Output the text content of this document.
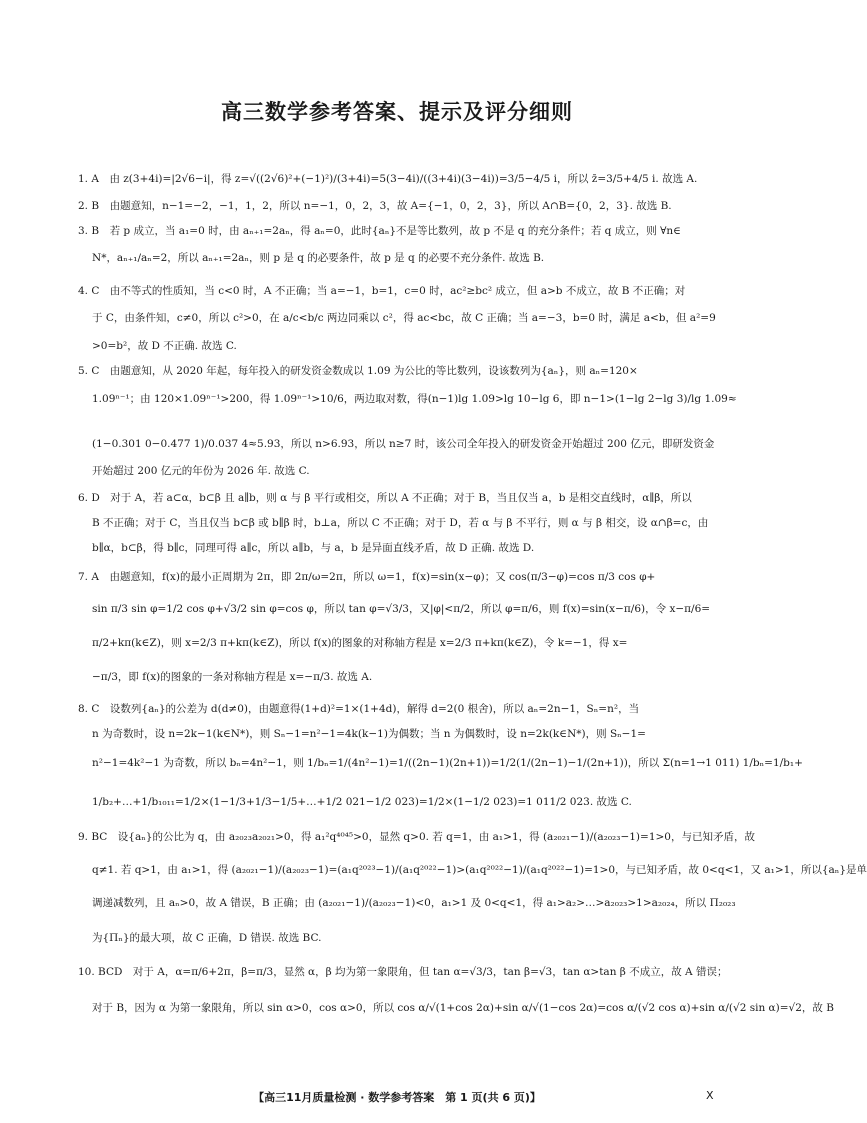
高三数学参考答案、提示及评分细则
1. A　由 z(3+4i)=|2√6−i|，得 z=√((2√6)²+(−1)²)/(3+4i)=5(3−4i)/((3+4i)(3−4i))=3/5−4/5 i，所以 z̄=3/5+4/5 i. 故选 A.
2. B　由题意知，n−1=−2，−1，1，2，所以 n=−1，0，2，3，故 A={−1，0，2，3}，所以 A∩B={0，2，3}. 故选 B.
3. B　若 p 成立，当 a₁=0 时，由 aₙ₊₁=2aₙ，得 aₙ=0，此时{aₙ}不是等比数列，故 p 不是 q 的充分条件；若 q 成立，则 ∀n∈
N*，aₙ₊₁/aₙ=2，所以 aₙ₊₁=2aₙ，则 p 是 q 的必要条件，故 p 是 q 的必要不充分条件. 故选 B.
4. C　由不等式的性质知，当 c<0 时，A 不正确；当 a=−1，b=1，c=0 时，ac²≥bc² 成立，但 a>b 不成立，故 B 不正确；对
于 C，由条件知，c≠0，所以 c²>0，在 a/c<b/c 两边同乘以 c²，得 ac<bc，故 C 正确；当 a=−3，b=0 时，满足 a<b，但 a²=9
>0=b²，故 D 不正确. 故选 C.
5. C　由题意知，从 2020 年起，每年投入的研发资金数成以 1.09 为公比的等比数列，设该数列为{aₙ}，则 aₙ=120×
1.09ⁿ⁻¹；由 120×1.09ⁿ⁻¹>200，得 1.09ⁿ⁻¹>10/6，两边取对数，得(n−1)lg 1.09>lg 10−lg 6，即 n−1>(1−lg 2−lg 3)/lg 1.09≈
(1−0.301 0−0.477 1)/0.037 4≈5.93，所以 n>6.93，所以 n≥7 时，该公司全年投入的研发资金开始超过 200 亿元，即研发资金
开始超过 200 亿元的年份为 2026 年. 故选 C.
6. D　对于 A，若 a⊂α，b⊂β 且 a∥b，则 α 与 β 平行或相交，所以 A 不正确；对于 B，当且仅当 a，b 是相交直线时，α∥β，所以
B 不正确；对于 C，当且仅当 b⊂β 或 b∥β 时，b⊥a，所以 C 不正确；对于 D，若 α 与 β 不平行，则 α 与 β 相交，设 α∩β=c，由
b∥α，b⊂β，得 b∥c，同理可得 a∥c，所以 a∥b，与 a，b 是异面直线矛盾，故 D 正确. 故选 D.
7. A　由题意知，f(x)的最小正周期为 2π，即 2π/ω=2π，所以 ω=1，f(x)=sin(x−φ)；又 cos(π/3−φ)=cos π/3 cos φ+
sin π/3 sin φ=1/2 cos φ+√3/2 sin φ=cos φ，所以 tan φ=√3/3，又|φ|<π/2，所以 φ=π/6，则 f(x)=sin(x−π/6)，令 x−π/6=
π/2+kπ(k∈Z)，则 x=2/3 π+kπ(k∈Z)，所以 f(x)的图象的对称轴方程是 x=2/3 π+kπ(k∈Z)，令 k=−1，得 x=
−π/3，即 f(x)的图象的一条对称轴方程是 x=−π/3. 故选 A.
8. C　设数列{aₙ}的公差为 d(d≠0)，由题意得(1+d)²=1×(1+4d)，解得 d=2(0 根舍)，所以 aₙ=2n−1，Sₙ=n²，当
n 为奇数时，设 n=2k−1(k∈N*)，则 Sₙ−1=n²−1=4k(k−1)为偶数；当 n 为偶数时，设 n=2k(k∈N*)，则 Sₙ−1=
n²−1=4k²−1 为奇数，所以 bₙ=4n²−1，则 1/bₙ=1/(4n²−1)=1/((2n−1)(2n+1))=1/2(1/(2n−1)−1/(2n+1))，所以 Σ(n=1→1 011) 1/bₙ=1/b₁+
1/b₂+…+1/b₁₀₁₁=1/2×(1−1/3+1/3−1/5+…+1/2 021−1/2 023)=1/2×(1−1/2 023)=1 011/2 023. 故选 C.
9. BC　设{aₙ}的公比为 q，由 a₂₀₂₃a₂₀₂₁>0，得 a₁²q⁴⁰⁴⁵>0，显然 q>0. 若 q=1，由 a₁>1，得 (a₂₀₂₁−1)/(a₂₀₂₃−1)=1>0，与已知矛盾，故
q≠1. 若 q>1，由 a₁>1，得 (a₂₀₂₁−1)/(a₂₀₂₃−1)=(a₁q²⁰²³−1)/(a₁q²⁰²²−1)>(a₁q²⁰²²−1)/(a₁q²⁰²²−1)=1>0，与已知矛盾，故 0<q<1，又 a₁>1，所以{aₙ}是单
调递减数列，且 aₙ>0，故 A 错误，B 正确；由 (a₂₀₂₁−1)/(a₂₀₂₃−1)<0，a₁>1 及 0<q<1，得 a₁>a₂>…>a₂₀₂₃>1>a₂₀₂₄，所以 Π₂₀₂₃
为{Πₙ}的最大项，故 C 正确，D 错误. 故选 BC.
10. BCD　对于 A，α=π/6+2π，β=π/3，显然 α，β 均为第一象限角，但 tan α=√3/3，tan β=√3，tan α>tan β 不成立，故 A 错误；
对于 B，因为 α 为第一象限角，所以 sin α>0，cos α>0，所以 cos α/√(1+cos 2α)+sin α/√(1−cos 2α)=cos α/(√2 cos α)+sin α/(√2 sin α)=√2，故 B
【高三11月质量检测 · 数学参考答案　第 1 页(共 6 页)】	X
